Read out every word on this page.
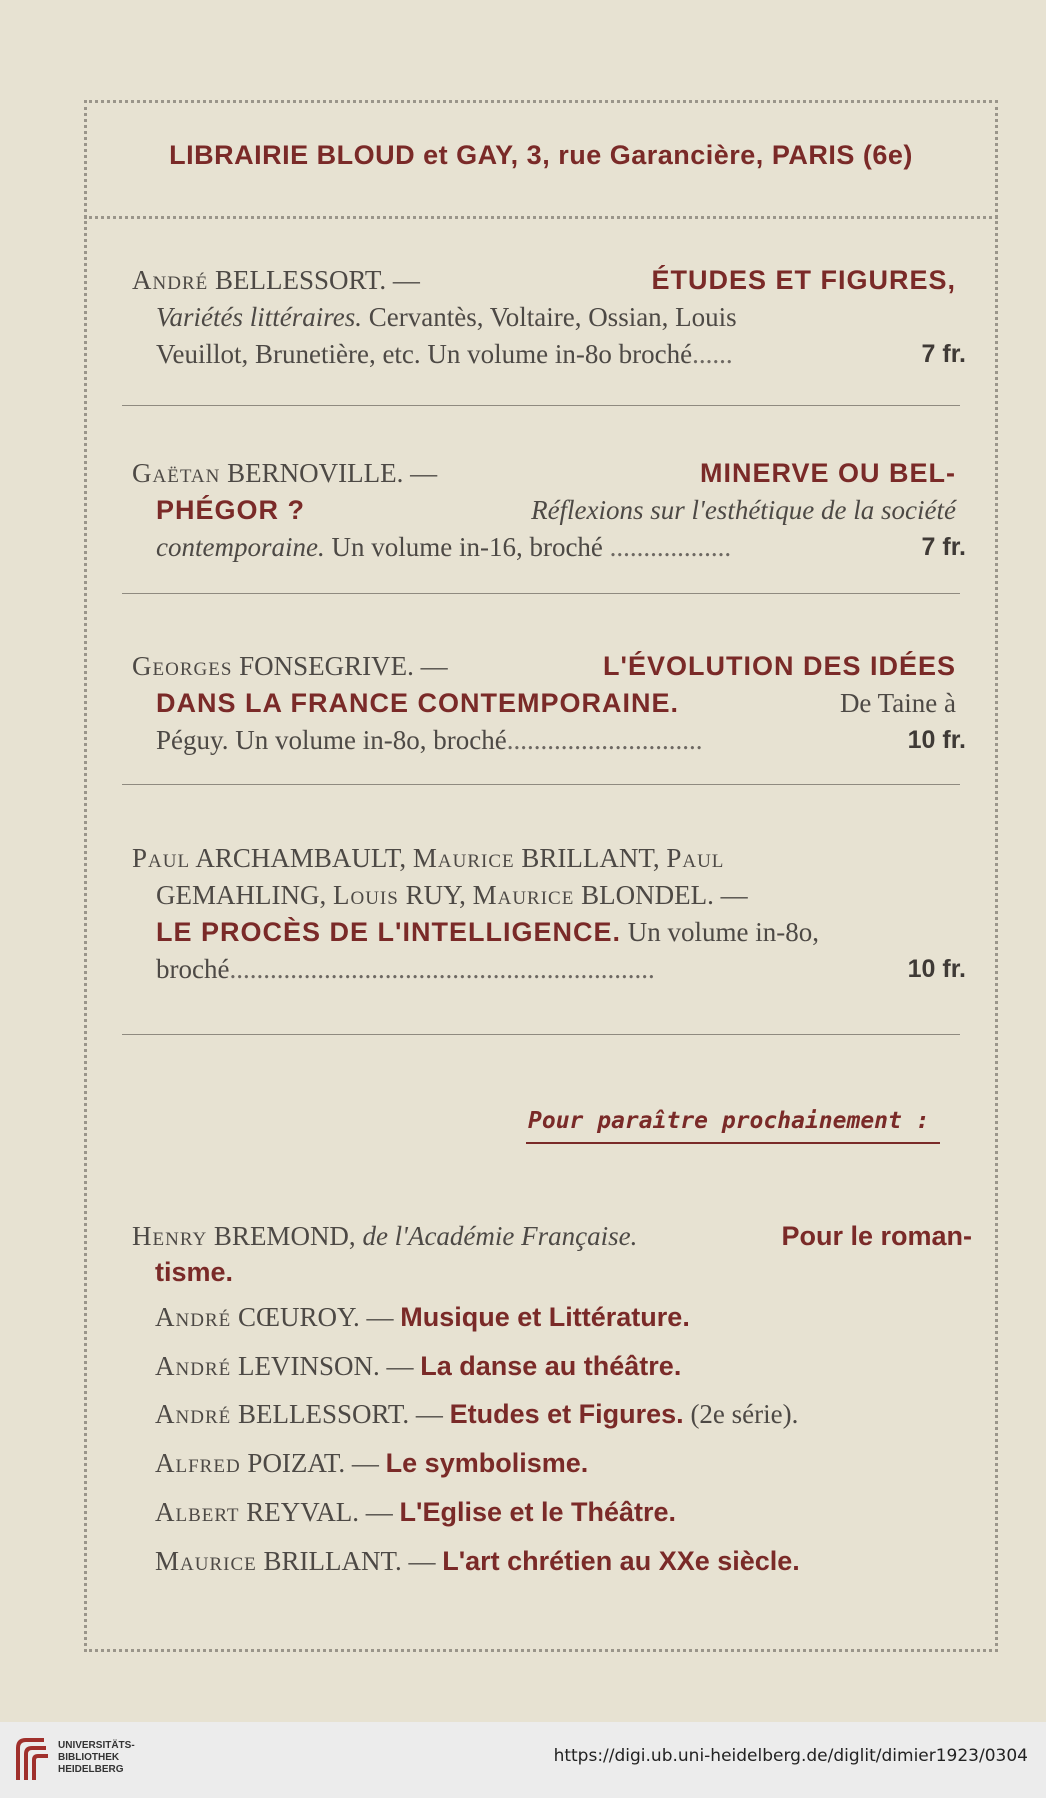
LIBRAIRIE BLOUD et GAY, 3, rue Garancière, PARIS (6e)
André BELLESSORT. —	ÉTUDES ET FIGURES,
Variétés littéraires. Cervantès, Voltaire, Ossian, Louis
Veuillot, Brunetière, etc. Un volume in-8o broché......	7 fr.
Gaëtan BERNOVILLE. —	MINERVE OU BEL-
PHÉGOR ?	Réflexions sur l'esthétique de la société
contemporaine. Un volume in-16, broché ..................	7 fr.
Georges FONSEGRIVE. —	L'ÉVOLUTION DES IDÉES
DANS LA FRANCE CONTEMPORAINE.	De Taine à
Péguy. Un volume in-8o, broché.............................	10 fr.
Paul ARCHAMBAULT, Maurice BRILLANT, Paul
GEMAHLING, Louis RUY, Maurice BLONDEL. —
LE PROCÈS DE L'INTELLIGENCE. Un volume in-8o,
broché...............................................................	10 fr.
Pour paraître prochainement :
Henry BREMOND, de l'Académie Française.	Pour le roman-
tisme.
André CŒUROY. — Musique et Littérature.
André LEVINSON. — La danse au théâtre.
André BELLESSORT. — Etudes et Figures. (2e série).
Alfred POIZAT. — Le symbolisme.
Albert REYVAL. — L'Eglise et le Théâtre.
Maurice BRILLANT. — L'art chrétien au XXe siècle.
UNIVERSITÄTS-
BIBLIOTHEK
HEIDELBERG
https://digi.ub.uni-heidelberg.de/diglit/dimier1923/0304
